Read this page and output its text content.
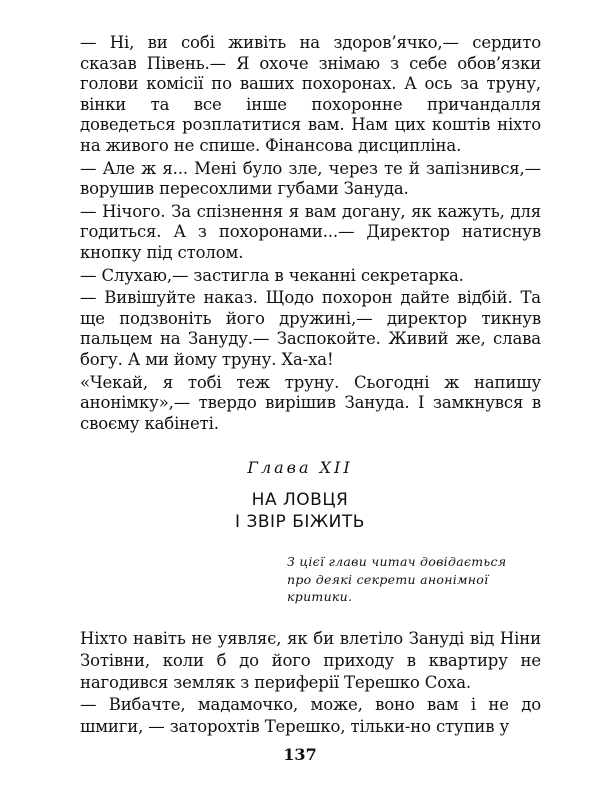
— Ні, ви собі живіть на здоров’ячко,— сердито сказав Півень.— Я охоче знімаю з себе обов’язки голови комісії по ваших похоронах. А ось за труну, вінки та все інше похоронне причандалля доведеться розплатитися вам. Нам цих коштів ніхто на живого не спише. Фінансова дисципліна.

— Але ж я... Мені було зле, через те й запізнився,— ворушив пересохлими губами Зануда.

— Нічого. За спізнення я вам догану, як кажуть, для годиться. А з похоронами...— Директор натиснув кнопку під столом.

— Слухаю,— застигла в чеканні секретарка.

— Вивішуйте наказ. Щодо похорон дайте відбій. Та ще подзвоніть його дружині,— директор тикнув пальцем на Зануду.— Заспокойте. Живий же, слава богу. А ми йому труну. Ха-ха!

«Чекай, я тобі теж труну. Сьогодні ж напишу анонімку»,— твердо вирішив Зануда. І замкнувся в своєму кабінеті.

Глава XII
НА ЛОВЦЯ
І ЗВІР БІЖИТЬ
З цієї глави читач довідається про деякі секрети анонімної критики.

Ніхто навіть не уявляє, як би влетіло Зануді від Ніни Зотівни, коли б до його приходу в квартиру не нагодився земляк з периферії Терешко Соха.

— Вибачте, мадамочко, може, воно вам і не до шмиги, — заторохтів Терешко, тільки-но ступив у

137
